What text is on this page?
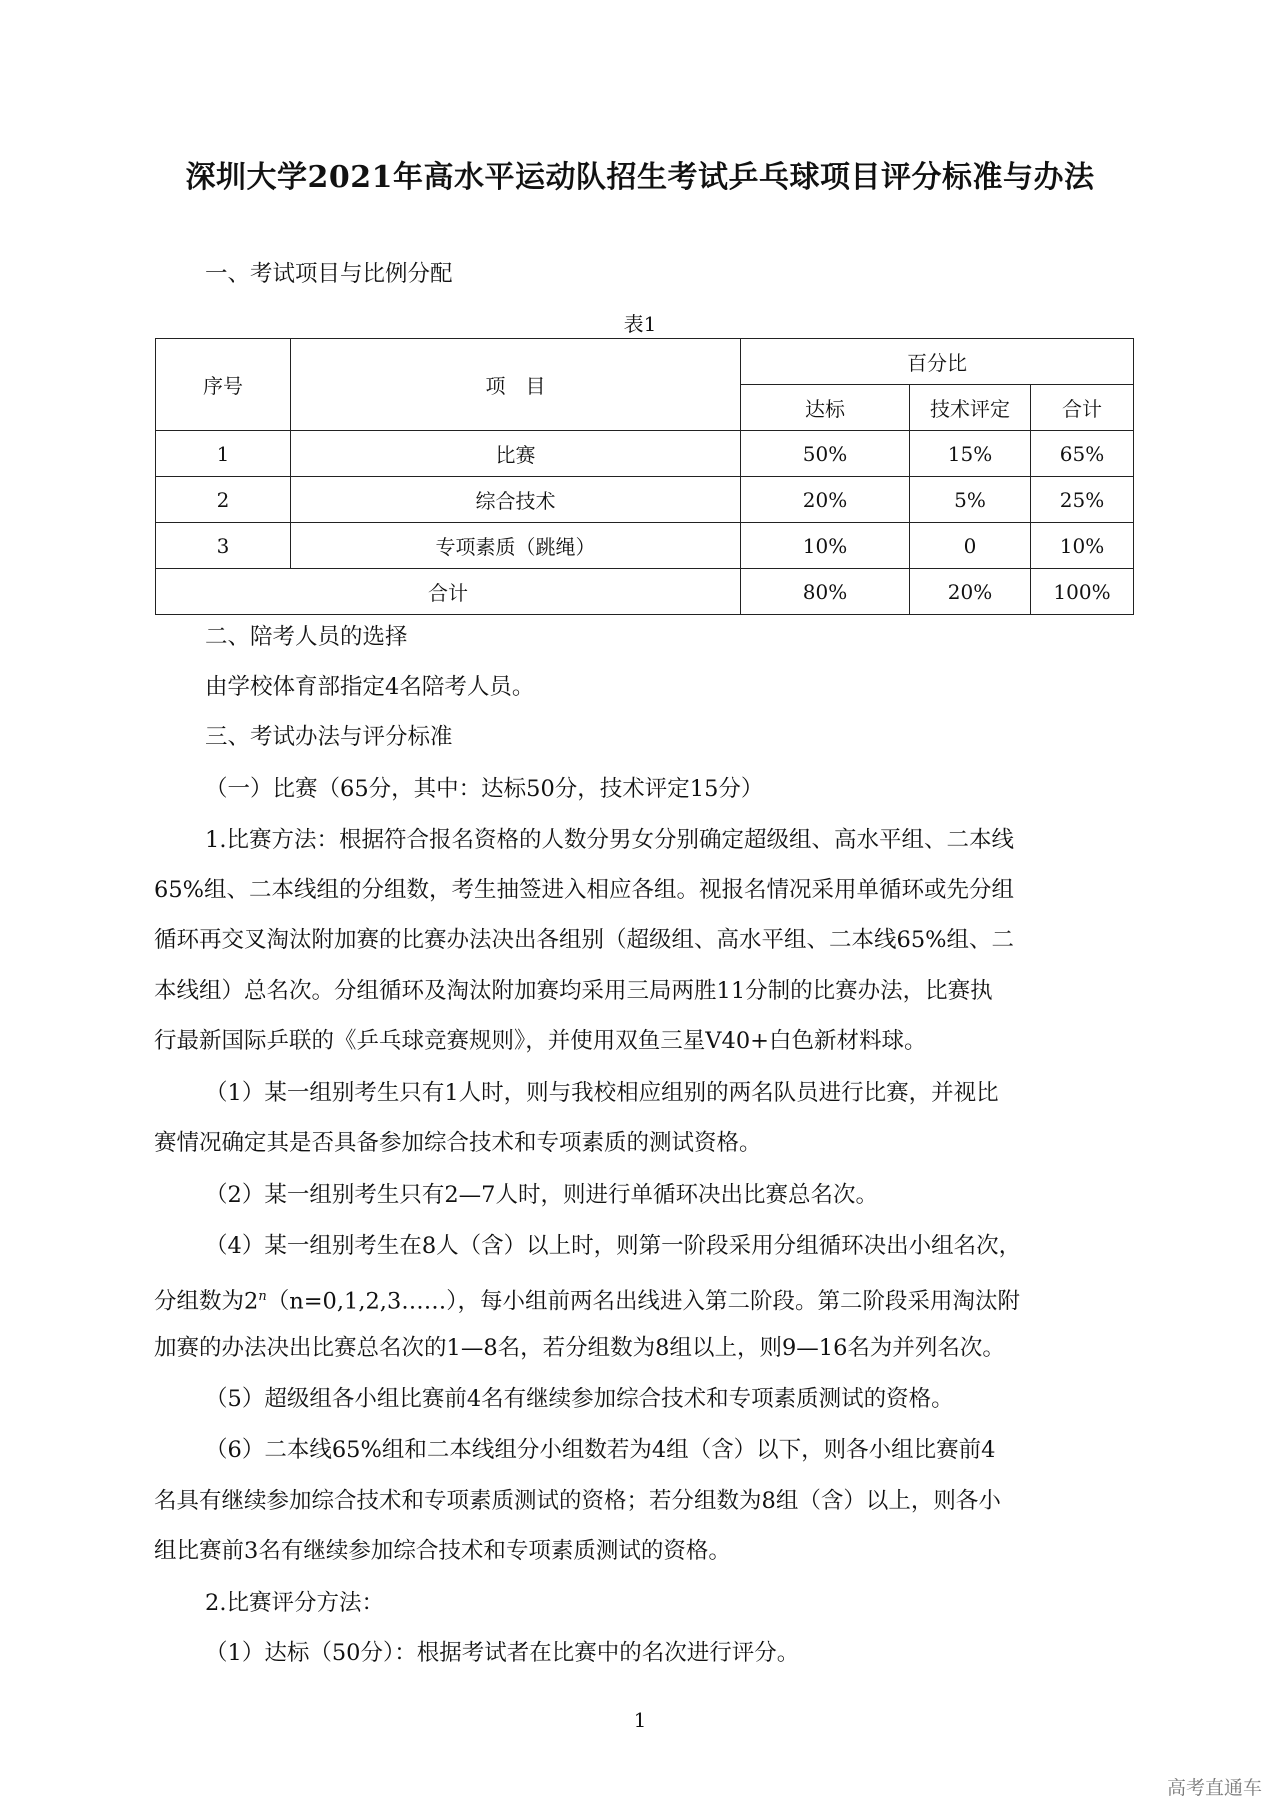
深圳大学2021年高水平运动队招生考试乒乓球项目评分标准与办法
一、考试项目与比例分配
表1
序号	项　目	百分比		
		达标	技术评定	合计
1	比赛	50%	15%	65%
2	综合技术	20%	5%	25%
3	专项素质（跳绳）	10%	0	10%
合计		80%	20%	100%
二、陪考人员的选择
由学校体育部指定4名陪考人员。
三、考试办法与评分标准
（一）比赛（65分，其中：达标50分，技术评定15分）
1.比赛方法：根据符合报名资格的人数分男女分别确定超级组、高水平组、二本线
65%组、二本线组的分组数，考生抽签进入相应各组。视报名情况采用单循环或先分组
循环再交叉淘汰附加赛的比赛办法决出各组别（超级组、高水平组、二本线65%组、二
本线组）总名次。分组循环及淘汰附加赛均采用三局两胜11分制的比赛办法，比赛执
行最新国际乒联的《乒乓球竞赛规则》，并使用双鱼三星V40+白色新材料球。
（1）某一组别考生只有1人时，则与我校相应组别的两名队员进行比赛，并视比
赛情况确定其是否具备参加综合技术和专项素质的测试资格。
（2）某一组别考生只有2—7人时，则进行单循环决出比赛总名次。
（4）某一组别考生在8人（含）以上时，则第一阶段采用分组循环决出小组名次，
分组数为$2^n(n=0,1,2,3\dots\dots)$，每小组前两名出线进入第二阶段。第二阶段采用淘汰附
加赛的办法决出比赛总名次的1—8名，若分组数为8组以上，则9—16名为并列名次。
（5）超级组各小组比赛前4名有继续参加综合技术和专项素质测试的资格。
（6）二本线65%组和二本线组分小组数若为4组（含）以下，则各小组比赛前4
名具有继续参加综合技术和专项素质测试的资格；若分组数为8组（含）以上，则各小
组比赛前3名有继续参加综合技术和专项素质测试的资格。
2.比赛评分方法：
（1）达标（50分）：根据考试者在比赛中的名次进行评分。
1
高考直通车
